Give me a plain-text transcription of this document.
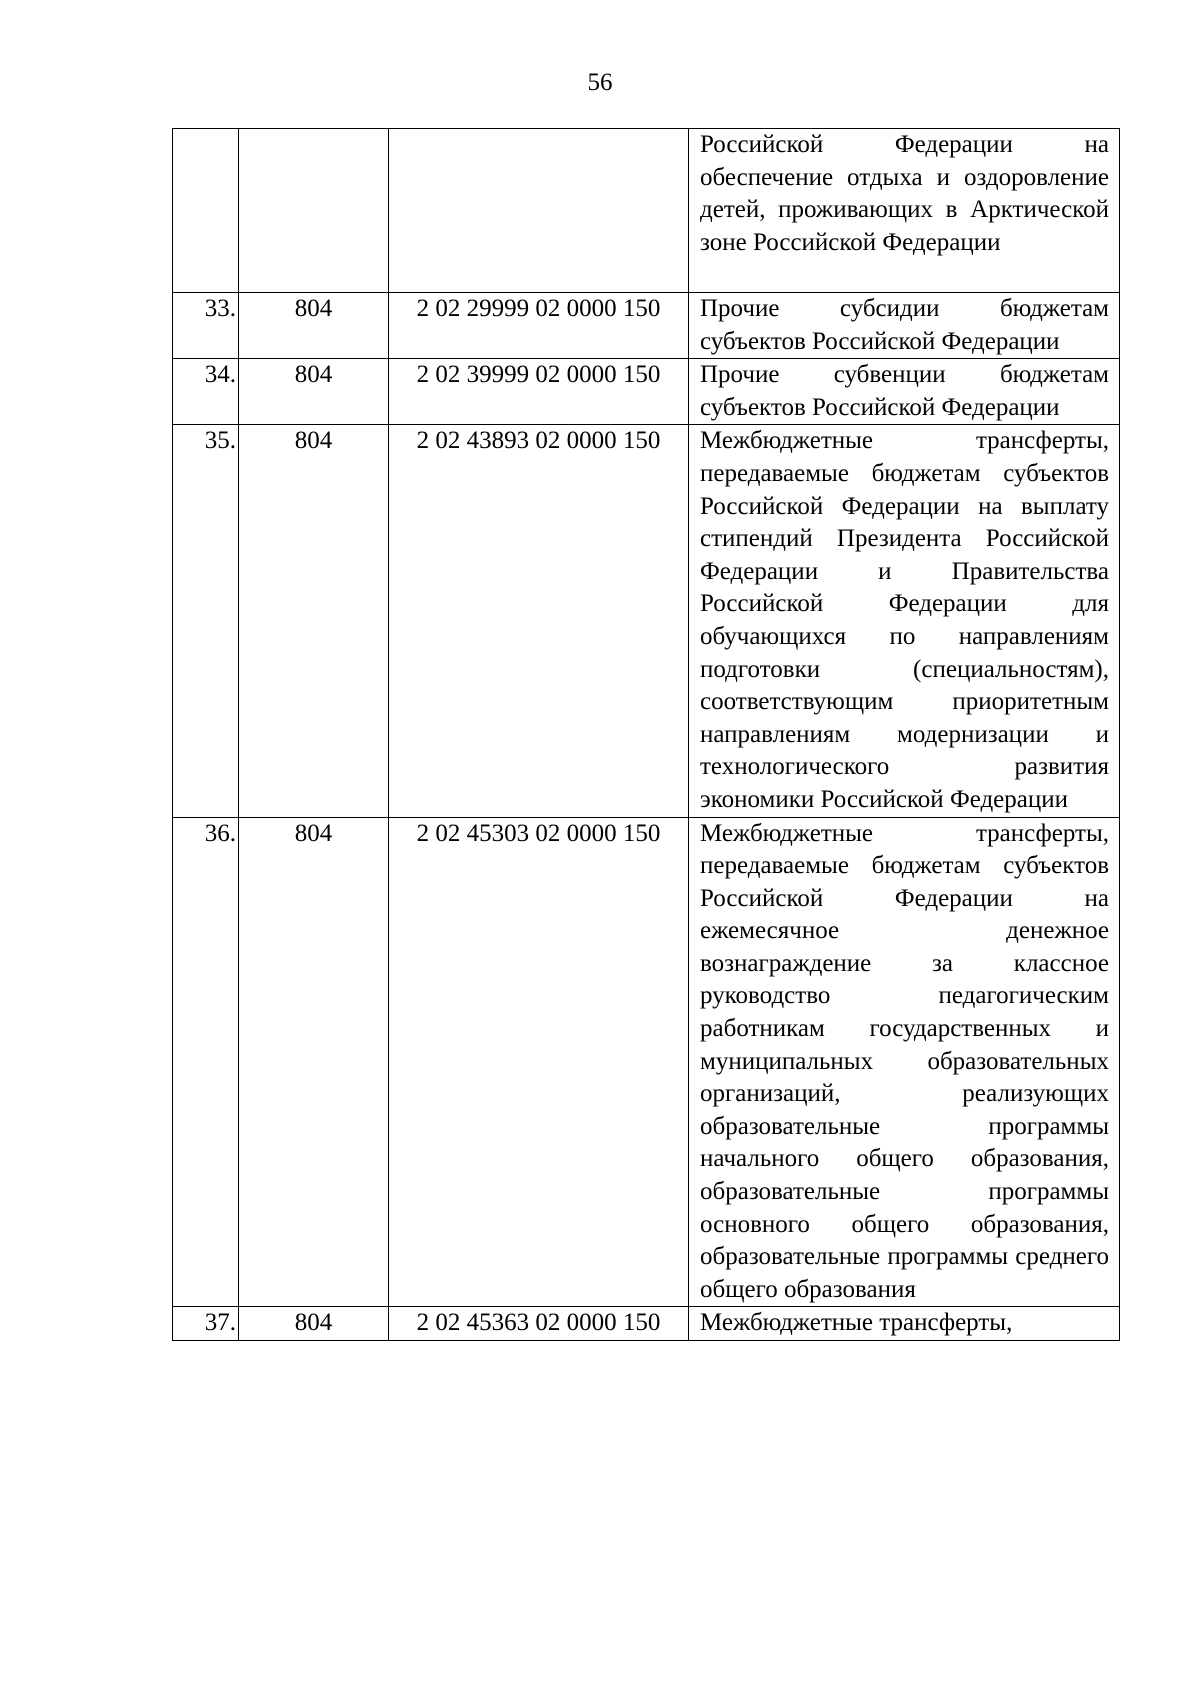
56
			Российской Федерации на обеспечение отдыха и оздоровление детей, проживающих в Арктической зоне Российской Федерации
33.	804	2 02 29999 02 0000 150	Прочие субсидии бюджетам субъектов Российской Федерации
34.	804	2 02 39999 02 0000 150	Прочие субвенции бюджетам субъектов Российской Федерации
35.	804	2 02 43893 02 0000 150	Межбюджетные трансферты, передаваемые бюджетам субъектов Российской Федерации на выплату стипендий Президента Российской Федерации и Правительства Российской Федерации для обучающихся по направлениям подготовки (специальностям), соответствующим приоритетным направлениям модернизации и технологического развития экономики Российской Федерации
36.	804	2 02 45303 02 0000 150	Межбюджетные трансферты, передаваемые бюджетам субъектов Российской Федерации на ежемесячное денежное вознаграждение за классное руководство педагогическим работникам государственных и муниципальных образовательных организаций, реализующих образовательные программы начального общего образования, образовательные программы основного общего образования, образовательные программы среднего общего образования
37.	804	2 02 45363 02 0000 150	Межбюджетные трансферты,
